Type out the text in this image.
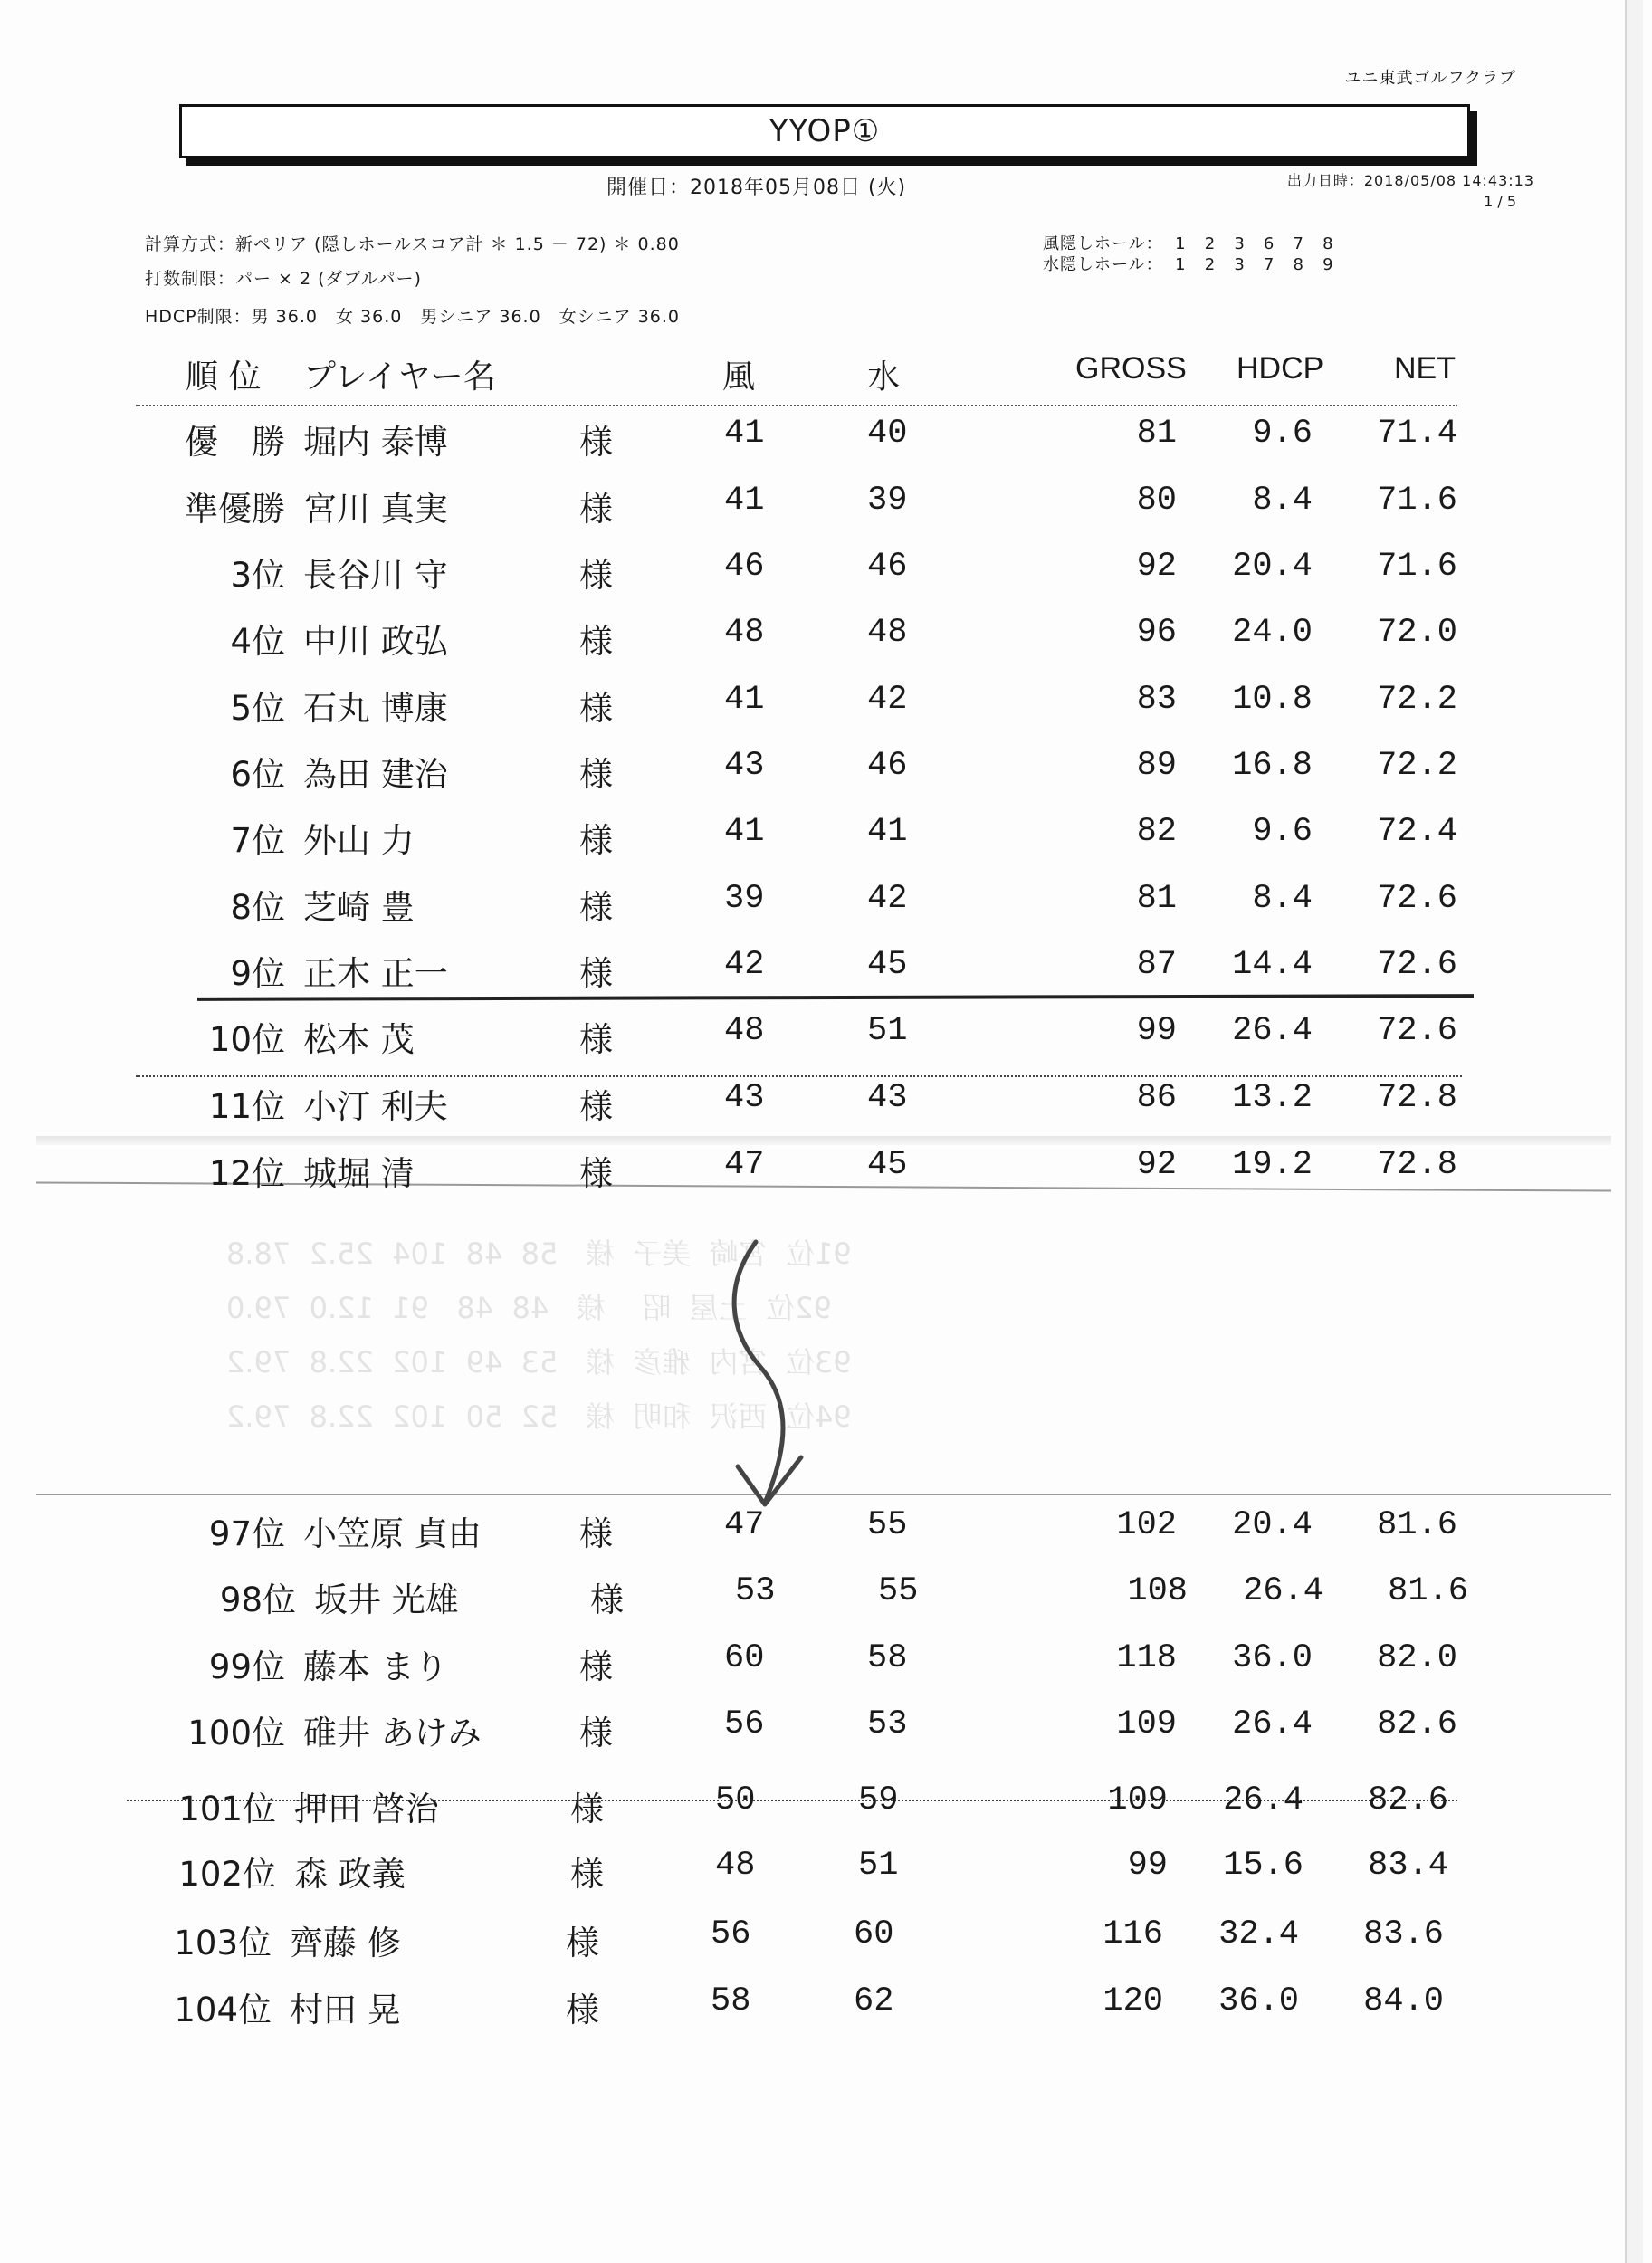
ユニ東武ゴルフクラブ
YYOP①
開催日：2018年05月08日 (火)	出力日時：2018/05/08 14:43:13
1 / 5
計算方式：新ペリア (隠しホールスコア計 ＊ 1.5 － 72) ＊ 0.80
打数制限：パー × 2 (ダブルパー)
HDCP制限：男 36.0　女 36.0　男シニア 36.0　女シニア 36.0
風隠しホール：  1   2   3   6   7   8
水隠しホール：  1   2   3   7   8   9
順 位 プレイヤー名	風	水	GROSS HDCP NET
91位  宮崎  美子  様   58  48  104  25.2  78.8
92位  土屋  昭    様   48  48   91  12.0  79.0
93位  宮内  雅彦  様   53  49  102  22.8  79.2
94位  西沢  和明  様   52  50  102  22.8  79.2
優　勝 堀内 泰博	様	41	40	81	9.6	71.4
準優勝 宮川 真実	様	41	39	80	8.4	71.6
3位 長谷川 守	様	46	46	92	20.4	71.6
4位 中川 政弘	様	48	48	96	24.0	72.0
5位 石丸 博康	様	41	42	83	10.8	72.2
6位 為田 建治	様	43	46	89	16.8	72.2
7位 外山 力	様	41	41	82	9.6	72.4
8位 芝崎 豊	様	39	42	81	8.4	72.6
9位 正木 正一	様	42	45	87	14.4	72.6
10位 松本 茂	様	48	51	99	26.4	72.6
11位 小汀 利夫	様	43	43	86	13.2	72.8
12位 城堀 清	様	47	45	92	19.2	72.8
97位 小笠原 貞由	様	47	55	102	20.4	81.6
98位 坂井 光雄	様	53	55	108	26.4	81.6
99位 藤本 まり	様	60	58	118	36.0	82.0
100位 碓井 あけみ	様	56	53	109	26.4	82.6
101位 押田 啓治	様	50	59	109	26.4	82.6
102位 森 政義	様	48	51	99	15.6	83.4
103位 齊藤 修	様	56	60	116	32.4	83.6
104位 村田 晃	様	58	62	120	36.0	84.0
